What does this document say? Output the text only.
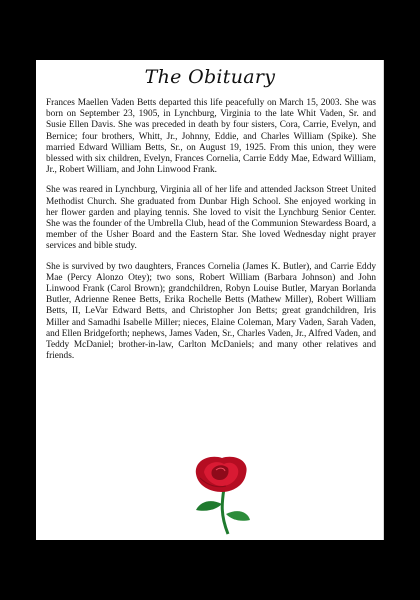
The Obituary

Frances Maellen Vaden Betts departed this life peacefully on March 15, 2003. She was born on September 23, 1905, in Lynchburg, Virginia to the late Whit Vaden, Sr. and Susie Ellen Davis. She was preceded in death by four sisters, Cora, Carrie, Evelyn, and Bernice; four brothers, Whitt, Jr., Johnny, Eddie, and Charles William (Spike). She married Edward William Betts, Sr., on August 19, 1925. From this union, they were blessed with six children, Evelyn, Frances Cornelia, Carrie Eddy Mae, Edward William, Jr., Robert William, and John Linwood Frank.

She was reared in Lynchburg, Virginia all of her life and attended Jackson Street United Methodist Church. She graduated from Dunbar High School. She enjoyed working in her flower garden and playing tennis. She loved to visit the Lynchburg Senior Center. She was the founder of the Umbrella Club, head of the Communion Stewardess Board, a member of the Usher Board and the Eastern Star. She loved Wednesday night prayer services and bible study.

She is survived by two daughters, Frances Cornelia (James K. Butler), and Carrie Eddy Mae (Percy Alonzo Otey); two sons, Robert William (Barbara Johnson) and John Linwood Frank (Carol Brown); grandchildren, Robyn Louise Butler, Maryan Borlanda Butler, Adrienne Renee Betts, Erika Rochelle Betts (Mathew Miller), Robert William Betts, II, LeVar Edward Betts, and Christopher Jon Betts; great grandchildren, Iris Miller and Samadhi Isabelle Miller; nieces, Elaine Coleman, Mary Vaden, Sarah Vaden, and Ellen Bridgeforth; nephews, James Vaden, Sr., Charles Vaden, Jr., Alfred Vaden, and Teddy McDaniel; brother-in-law, Carlton McDaniels; and many other relatives and friends.
